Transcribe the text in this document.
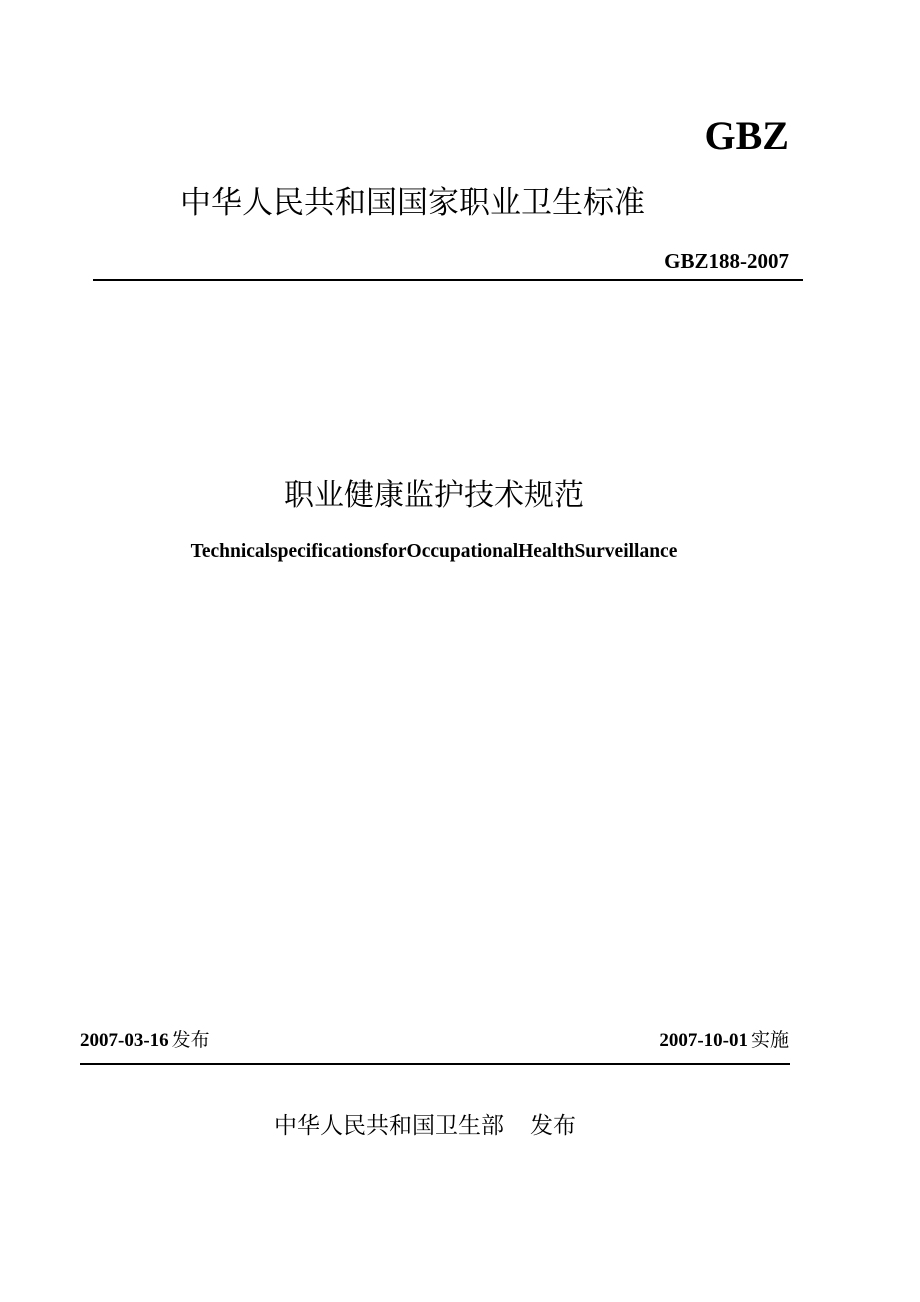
GBZ
中华人民共和国国家职业卫生标准
GBZ188-2007
职业健康监护技术规范
TechnicalspecificationsforOccupationalHealthSurveillance
2007-03-16 发布	2007-10-01 实施
中华人民共和国卫生部 发布
